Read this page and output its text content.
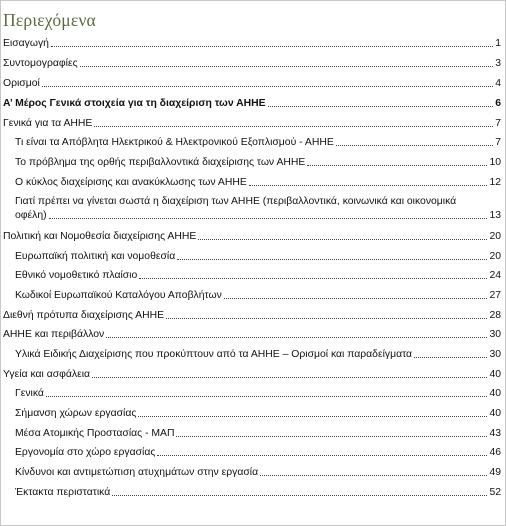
Περιεχόμενα
Εισαγωγή	1
Συντομογραφίες	3
Ορισμοί	4
Α’ Μέρος Γενικά στοιχεία για τη διαχείριση των ΑΗΗΕ	6
Γενικά για τα ΑΗΗΕ	7
Τι είναι τα Απόβλητα Ηλεκτρικού & Ηλεκτρονικού Εξοπλισμού - ΑΗΗΕ	7
Το πρόβλημα της ορθής περιβαλλοντικά διαχείρισης των ΑΗΗΕ	10
Ο κύκλος διαχείρισης και ανακύκλωσης των ΑΗΗΕ	12
Γιατί πρέπει να γίνεται σωστά η διαχείριση των ΑΗΗΕ (περιβαλλοντικά, κοινωνικά και οικονομικά
οφέλη)	13
Πολιτική και Νομοθεσία διαχείρισης ΑΗΗΕ	20
Ευρωπαϊκή πολιτική και νομοθεσία	20
Εθνικό νομοθετικό πλαίσιο	24
Κωδικοί Ευρωπαϊκού Καταλόγου Αποβλήτων	27
Διεθνή πρότυπα διαχείρισης ΑΗΗΕ	28
ΑΗΗΕ και περιβάλλον	30
Υλικά Ειδικής Διαχείρισης που προκύπτουν από τα ΑΗΗΕ – Ορισμοί και παραδείγματα	30
Υγεία και ασφάλεια	40
Γενικά	40
Σήμανση χώρων εργασίας	40
Μέσα Ατομικής Προστασίας - ΜΑΠ	43
Εργονομία στο χώρο εργασίας	46
Κίνδυνοι και αντιμετώπιση ατυχημάτων στην εργασία	49
Έκτακτα περιστατικά	52
